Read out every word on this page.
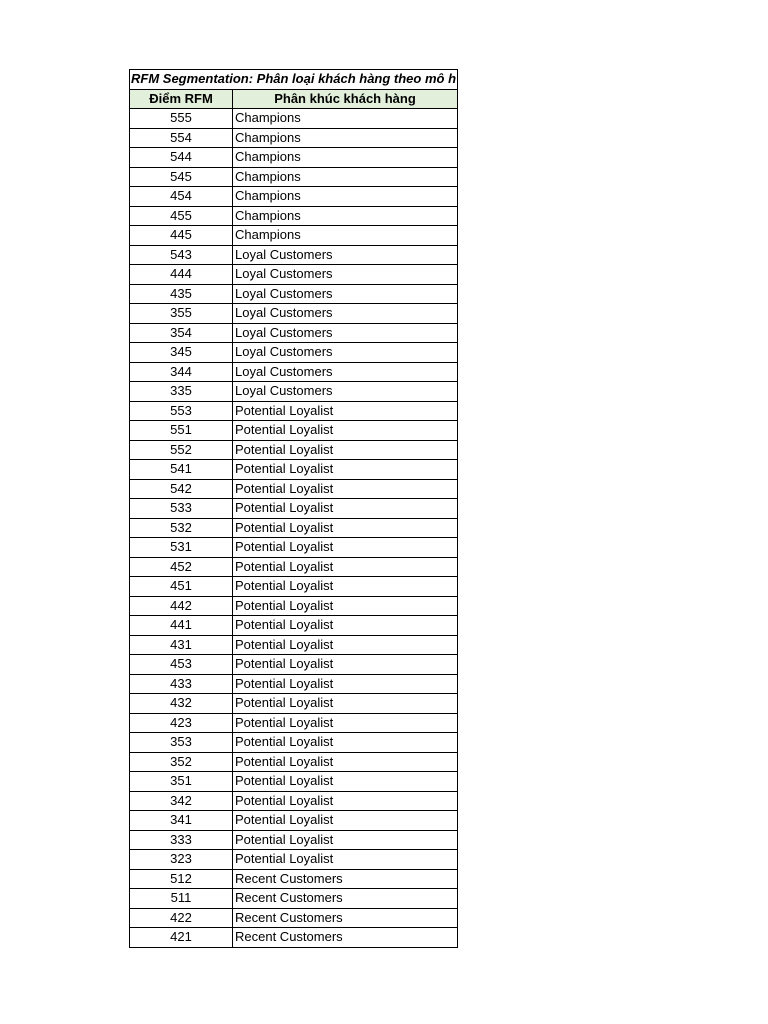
RFM Segmentation: Phân loại khách hàng theo mô h	
Điểm RFM	Phân khúc khách hàng
555	Champions
554	Champions
544	Champions
545	Champions
454	Champions
455	Champions
445	Champions
543	Loyal Customers
444	Loyal Customers
435	Loyal Customers
355	Loyal Customers
354	Loyal Customers
345	Loyal Customers
344	Loyal Customers
335	Loyal Customers
553	Potential Loyalist
551	Potential Loyalist
552	Potential Loyalist
541	Potential Loyalist
542	Potential Loyalist
533	Potential Loyalist
532	Potential Loyalist
531	Potential Loyalist
452	Potential Loyalist
451	Potential Loyalist
442	Potential Loyalist
441	Potential Loyalist
431	Potential Loyalist
453	Potential Loyalist
433	Potential Loyalist
432	Potential Loyalist
423	Potential Loyalist
353	Potential Loyalist
352	Potential Loyalist
351	Potential Loyalist
342	Potential Loyalist
341	Potential Loyalist
333	Potential Loyalist
323	Potential Loyalist
512	Recent Customers
511	Recent Customers
422	Recent Customers
421	Recent Customers
